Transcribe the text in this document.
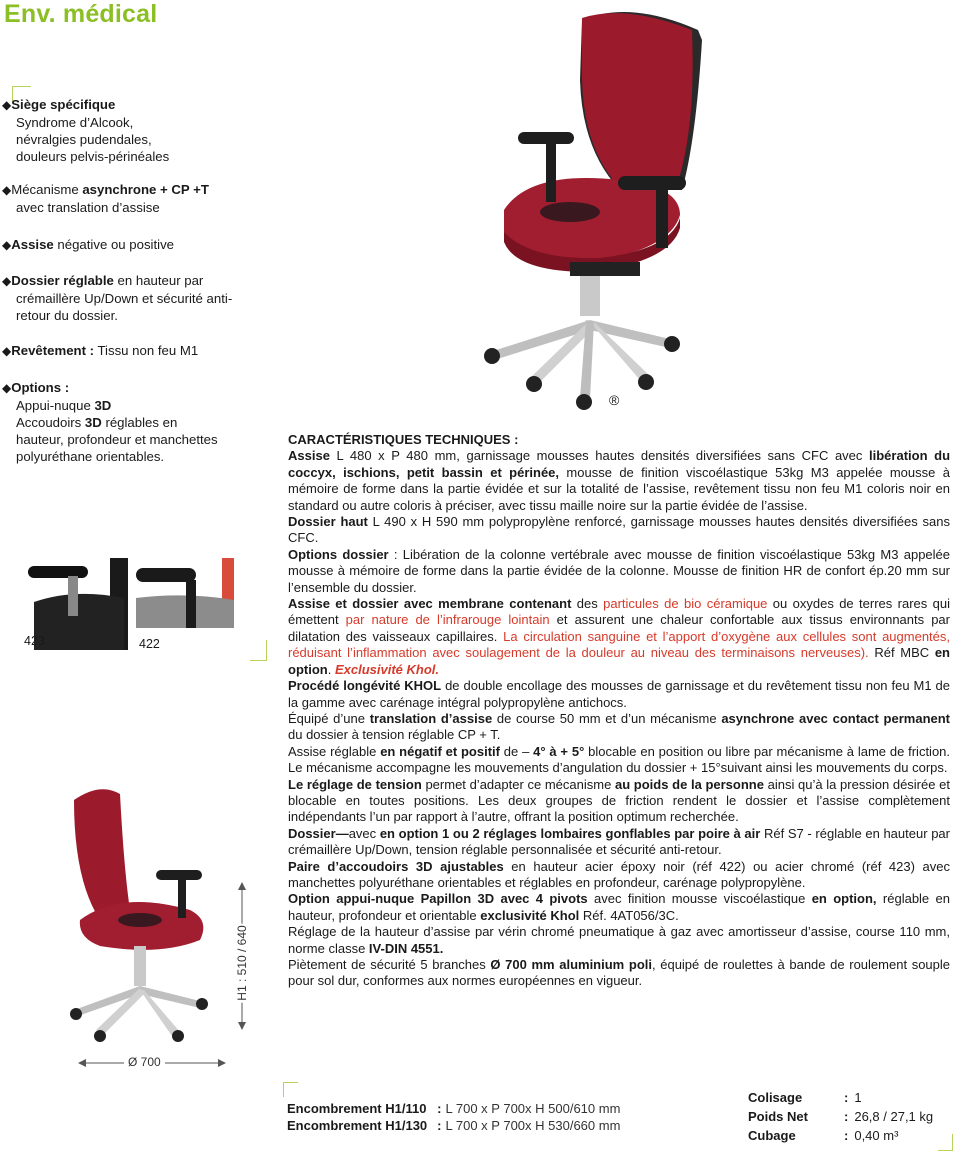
Env. médical
◆Siège spécifique
Syndrome d’Alcook,
névralgies pudendales,
douleurs pelvis-périnéales
◆Mécanisme asynchrone + CP +T
avec translation d’assise
◆Assise négative ou positive
◆Dossier réglable en hauteur par
crémaillère Up/Down et sécurité anti-
retour du dossier.
◆Revêtement : Tissu non feu M1
◆Options :
Appui-nuque 3D
Accoudoirs 3D réglables en
hauteur, profondeur et manchettes
polyuréthane orientables.
®
423	422
H1 : 510 / 640
Ø 700

CARACTÉRISTIQUES TECHNIQUES :

Assise L 480 x P 480 mm, garnissage mousses hautes densités diversifiées sans CFC avec libération du coccyx, ischions, petit bassin et périnée, mousse de finition viscoélastique 53kg M3 appelée mousse à mémoire de forme dans la partie évidée et sur la totalité de l’assise, revêtement tissu non feu M1 coloris noir en standard ou autre coloris à préciser, avec tissu maille noire sur la partie évidée de l’assise.

Dossier haut L 490 x H 590 mm polypropylène renforcé, garnissage mousses hautes densités diversifiées sans CFC.

Options dossier : Libération de la colonne vertébrale avec mousse de finition viscoélastique 53kg M3 appelée mousse à mémoire de forme dans la partie évidée de la colonne. Mousse de finition HR de confort ép.20 mm sur l’ensemble du dossier.

Assise et dossier avec membrane contenant des particules de bio céramique ou oxydes de terres rares qui émettent par nature de l’infrarouge lointain et assurent une chaleur confortable aux tissus environnants par dilatation des vaisseaux capillaires. La circulation sanguine et l’apport d’oxygène aux cellules sont augmentés, réduisant l’inflammation avec soulagement de la douleur au niveau des terminaisons nerveuses). Réf MBC en option. Exclusivité Khol.

Procédé longévité KHOL de double encollage des mousses de garnissage et du revêtement tissu non feu M1 de la gamme avec carénage intégral polypropylène antichocs.

Équipé d’une translation d’assise de course 50 mm et d’un mécanisme asynchrone avec contact permanent du dossier à tension réglable CP + T.

Assise réglable en négatif et positif de – 4° à + 5° blocable en position ou libre par mécanisme à lame de friction. Le mécanisme accompagne les mouvements d’angulation du dossier + 15°suivant ainsi les mouvements du corps.

Le réglage de tension permet d’adapter ce mécanisme au poids de la personne ainsi qu’à la pression désirée et blocable en toutes positions. Les deux groupes de friction rendent le dossier et l’assise complètement indépendants l’un par rapport à l’autre, offrant la position optimum recherchée.

Dossier—avec en option 1 ou 2 réglages lombaires gonflables par poire à air Réf S7 - réglable en hauteur par crémaillère Up/Down, tension réglable personnalisée et sécurité anti-retour.

Paire d’accoudoirs 3D ajustables en hauteur acier époxy noir (réf 422) ou acier chromé (réf 423) avec manchettes polyuréthane orientables et réglables en profondeur, carénage polypropylène.

Option appui-nuque Papillon 3D avec 4 pivots avec finition mousse viscoélastique en option, réglable en hauteur, profondeur et orientable exclusivité Khol Réf. 4AT056/3C.

Réglage de la hauteur d’assise par vérin chromé pneumatique à gaz avec amortisseur d’assise, course 110 mm, norme classe IV-DIN 4551.

Piètement de sécurité 5 branches Ø 700 mm aluminium poli, équipé de roulettes à bande de roulement souple pour sol dur, conformes aux normes européennes en vigueur.

Encombrement H1/110	:	L 700 x P 700x H 500/610 mm
Encombrement H1/130	:	L 700 x P 700x H 530/660 mm
Colisage	:	1
Poids Net	:	26,8 / 27,1 kg
Cubage	:	0,40 m³
